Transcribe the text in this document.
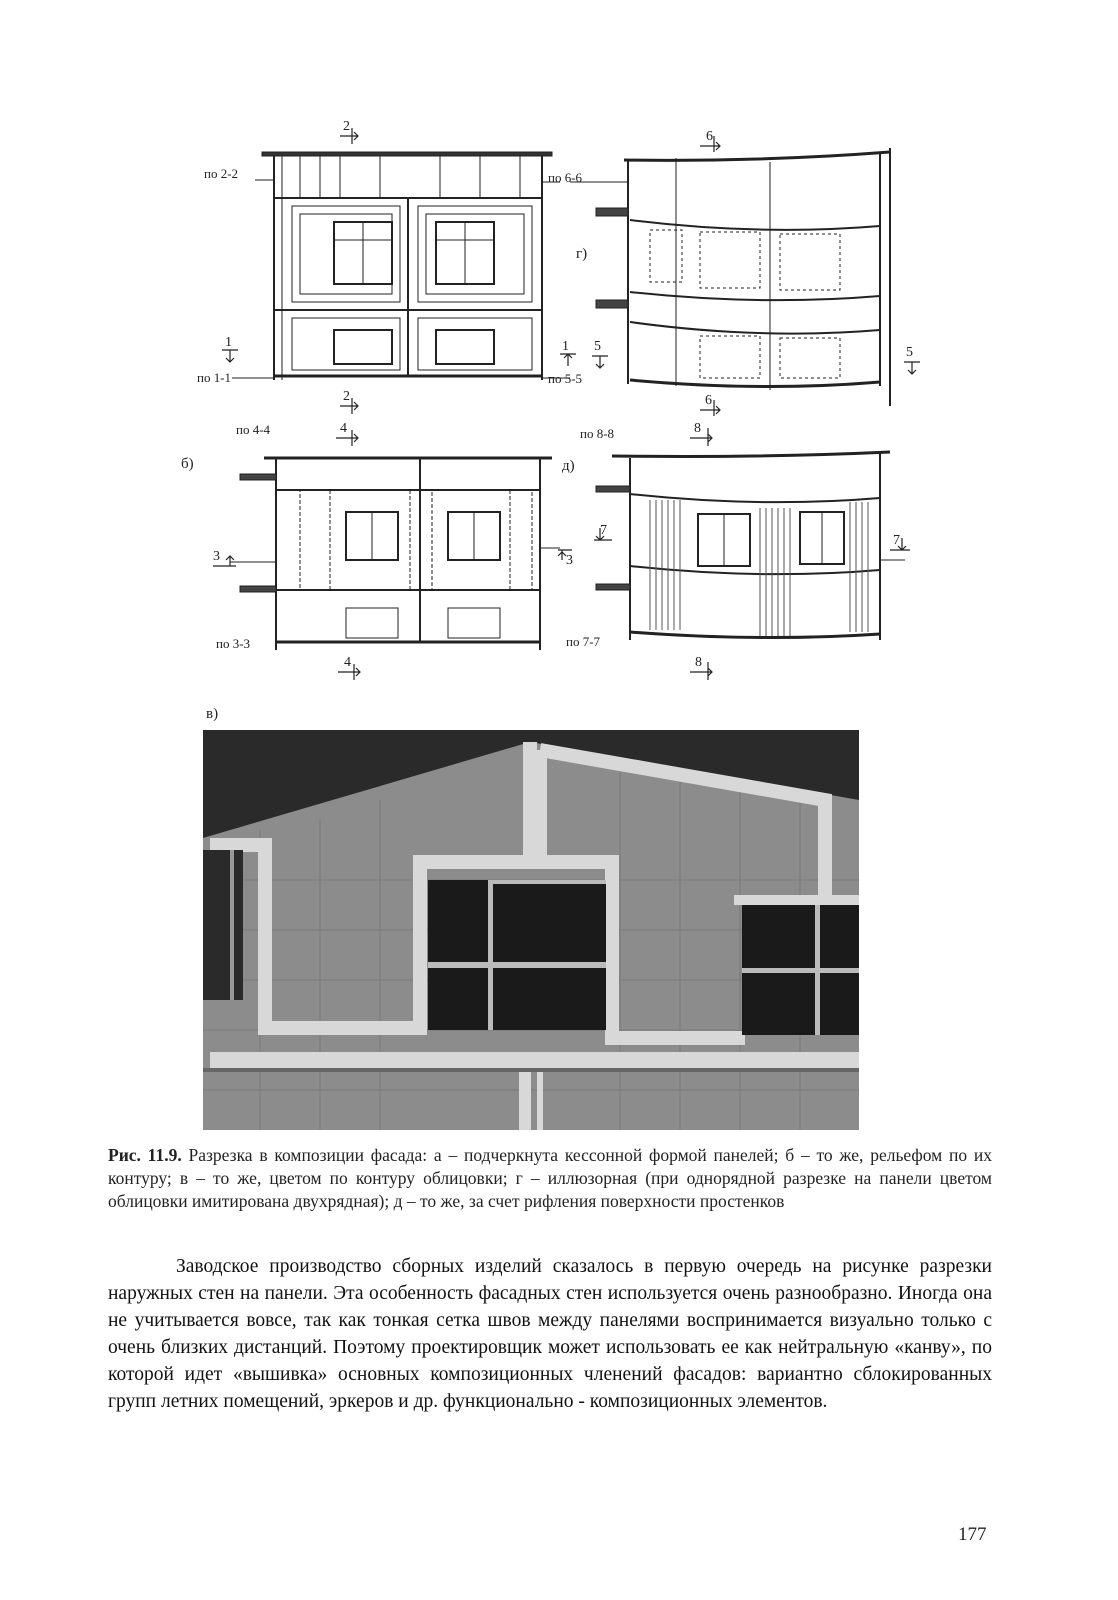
по 2-2
по 1-1
по 6-6
по 5-5
по 4-4	по 8-8
по 3-3	по 7-7
б)
в)
г)
д)
2
2
1	1
6
6
5	5
4
4
8
8
3	3
7
7
Рис. 11.9. Разрезка в композиции фасада: а – подчеркнута кессонной формой панелей; б – то же, рельефом по их контуру; в – то же, цветом по контуру облицовки; г – иллюзорная (при однорядной разрезке на панели цветом облицовки имитирована двухрядная); д – то же, за счет рифления поверхности простенков
Заводское производство сборных изделий сказалось в первую очередь на рисунке разрезки наружных стен на панели. Эта особенность фасадных стен используется очень разнообразно. Иногда она не учитывается вовсе, так как тонкая сетка швов между панелями воспринимается визуально только с очень близких дистанций. Поэтому проектировщик может использовать ее как нейтральную «канву», по которой идет «вышивка» основных композиционных членений фасадов: вариантно сблокированных групп летних помещений, эркеров и др. функционально - композиционных элементов.
177
